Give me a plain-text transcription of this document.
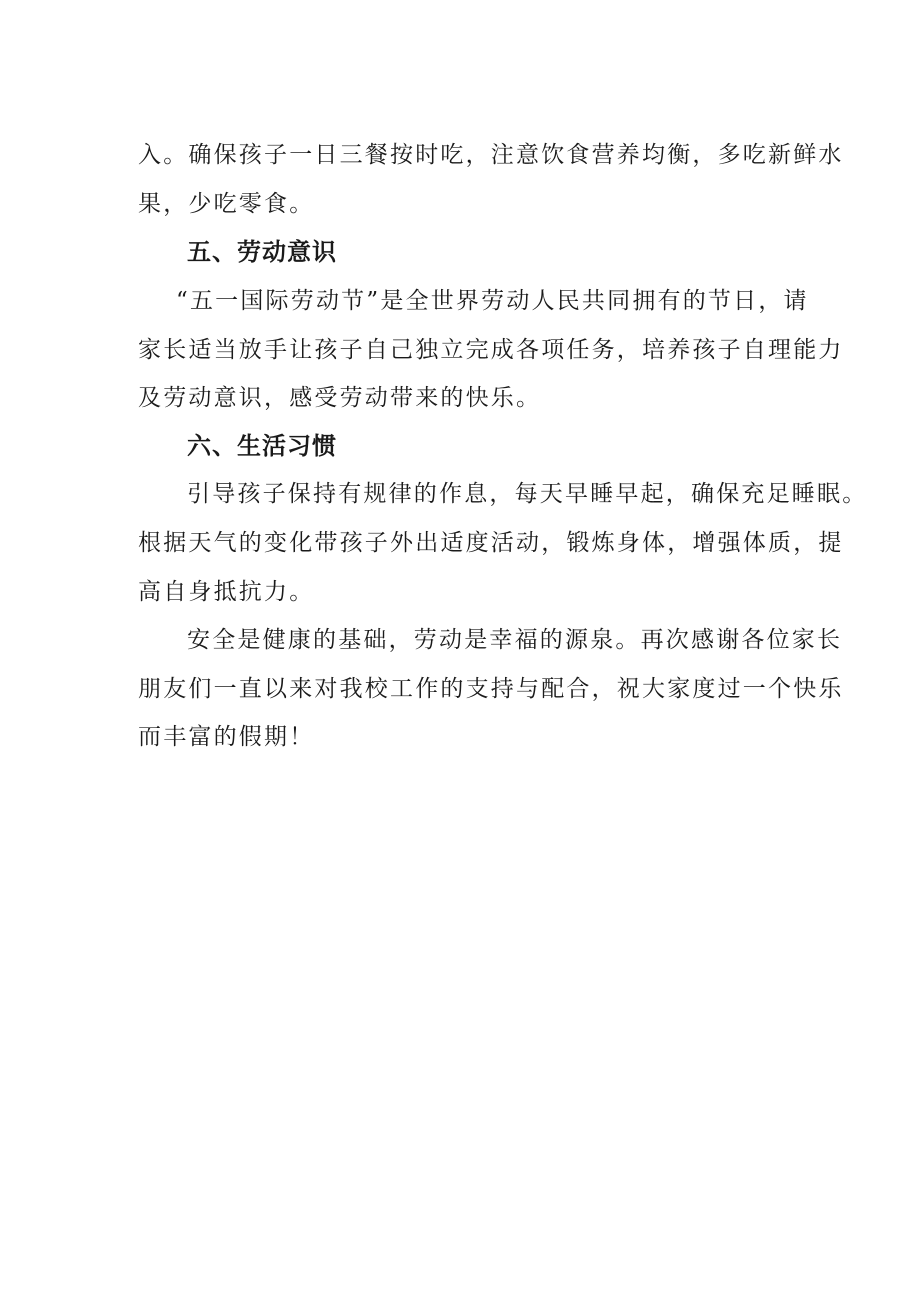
入。确保孩子一日三餐按时吃，注意饮食营养均衡，多吃新鲜水
果，少吃零食。
五、劳动意识
“五一国际劳动节”是全世界劳动人民共同拥有的节日，请
家长适当放手让孩子自己独立完成各项任务，培养孩子自理能力
及劳动意识，感受劳动带来的快乐。
六、生活习惯
引导孩子保持有规律的作息，每天早睡早起，确保充足睡眠。
根据天气的变化带孩子外出适度活动，锻炼身体，增强体质，提
高自身抵抗力。
安全是健康的基础，劳动是幸福的源泉。再次感谢各位家长
朋友们一直以来对我校工作的支持与配合，祝大家度过一个快乐
而丰富的假期！
